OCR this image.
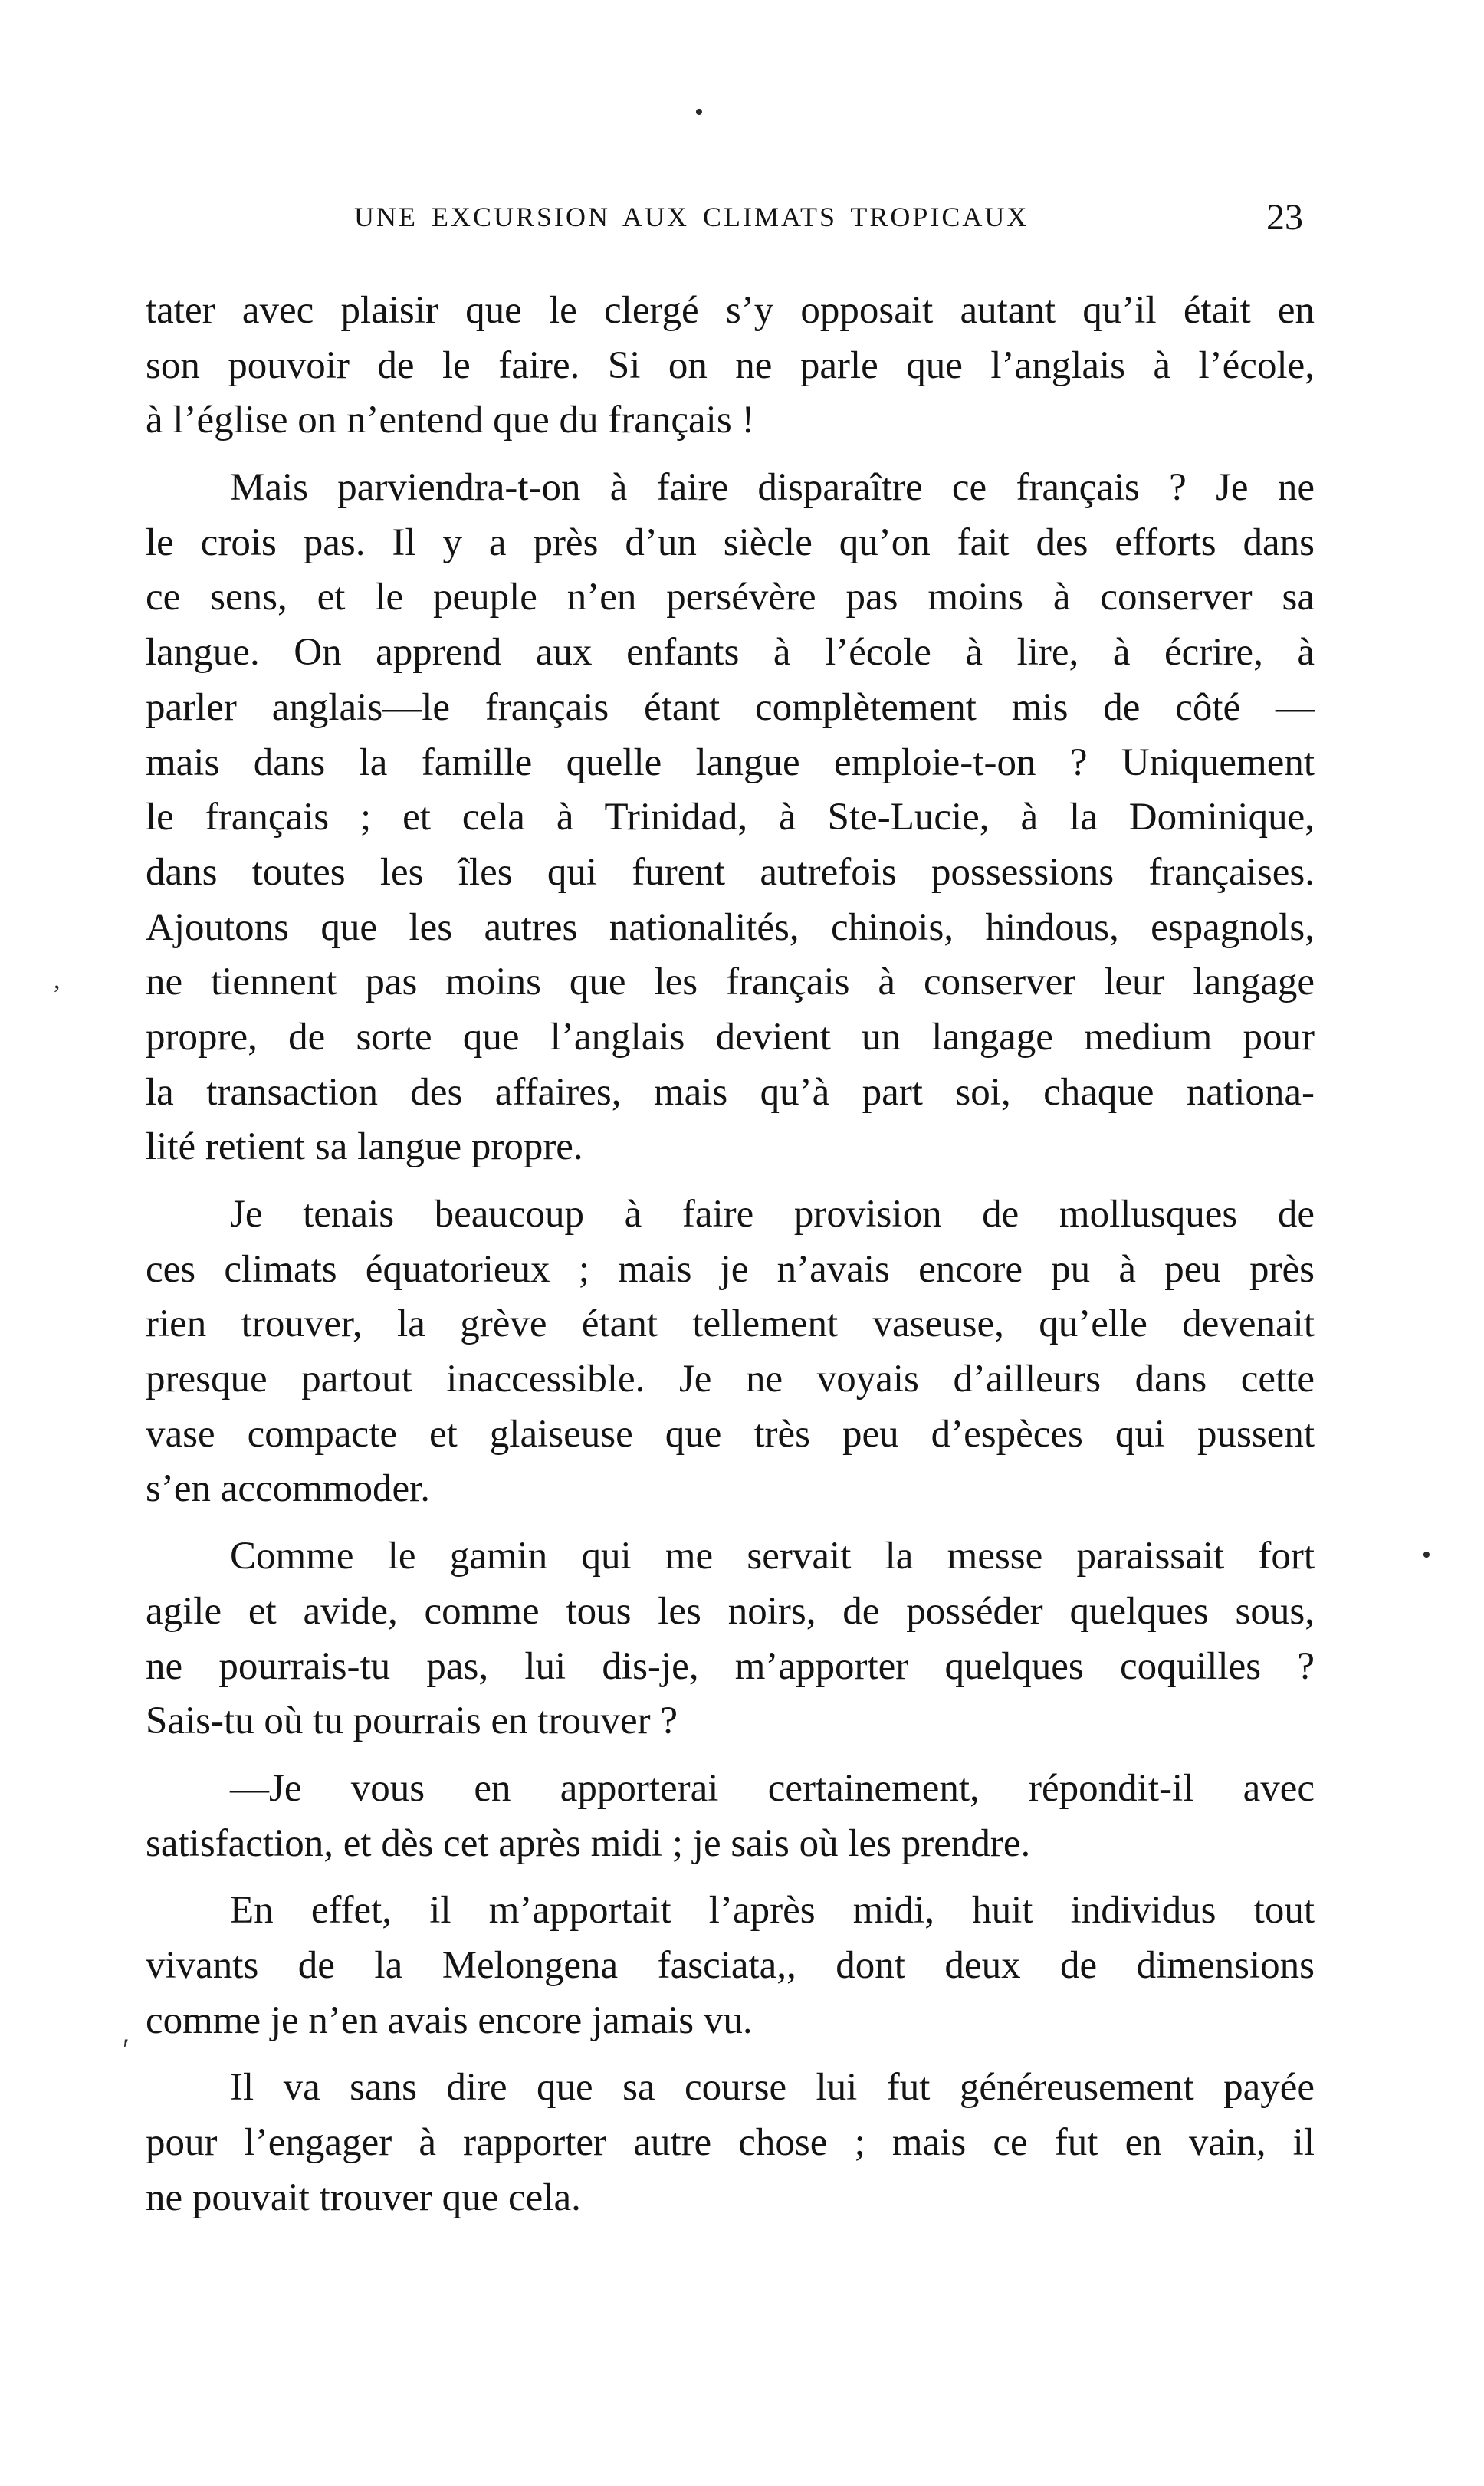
•
,
•
′
UNE EXCURSION AUX CLIMATS TROPICAUX	23
tater avec plaisir que le clergé s’y opposait autant qu’il était en
son pouvoir de le faire. Si on ne parle que l’anglais à l’école,
à l’église on n’entend que du français !
Mais parviendra-t-on à faire disparaître ce français ? Je ne
le crois pas. Il y a près d’un siècle qu’on fait des efforts dans
ce sens, et le peuple n’en persévère pas moins à conserver sa
langue. On apprend aux enfants à l’école à lire, à écrire, à
parler anglais—le français étant complètement mis de côté —
mais dans la famille quelle langue emploie-t-on ? Uniquement
le français ; et cela à Trinidad, à Ste-Lucie, à la Dominique,
dans toutes les îles qui furent autrefois possessions françaises.
Ajoutons que les autres nationalités, chinois, hindous, espagnols,
ne tiennent pas moins que les français à conserver leur langage
propre, de sorte que l’anglais devient un langage medium pour
la transaction des affaires, mais qu’à part soi, chaque nationa-
lité retient sa langue propre.
Je tenais beaucoup à faire provision de mollusques de
ces climats équatorieux ; mais je n’avais encore pu à peu près
rien trouver, la grève étant tellement vaseuse, qu’elle devenait
presque partout inaccessible. Je ne voyais d’ailleurs dans cette
vase compacte et glaiseuse que très peu d’espèces qui pussent
s’en accommoder.
Comme le gamin qui me servait la messe paraissait fort
agile et avide, comme tous les noirs, de posséder quelques sous,
ne pourrais-tu pas, lui dis-je, m’apporter quelques coquilles ?
Sais-tu où tu pourrais en trouver ?
—Je vous en apporterai certainement, répondit-il avec
satisfaction, et dès cet après midi ; je sais où les prendre.
En effet, il m’apportait l’après midi, huit individus tout
vivants de la Melongena fasciata,, dont deux de dimensions
comme je n’en avais encore jamais vu.
Il va sans dire que sa course lui fut généreusement payée
pour l’engager à rapporter autre chose ; mais ce fut en vain, il
ne pouvait trouver que cela.
